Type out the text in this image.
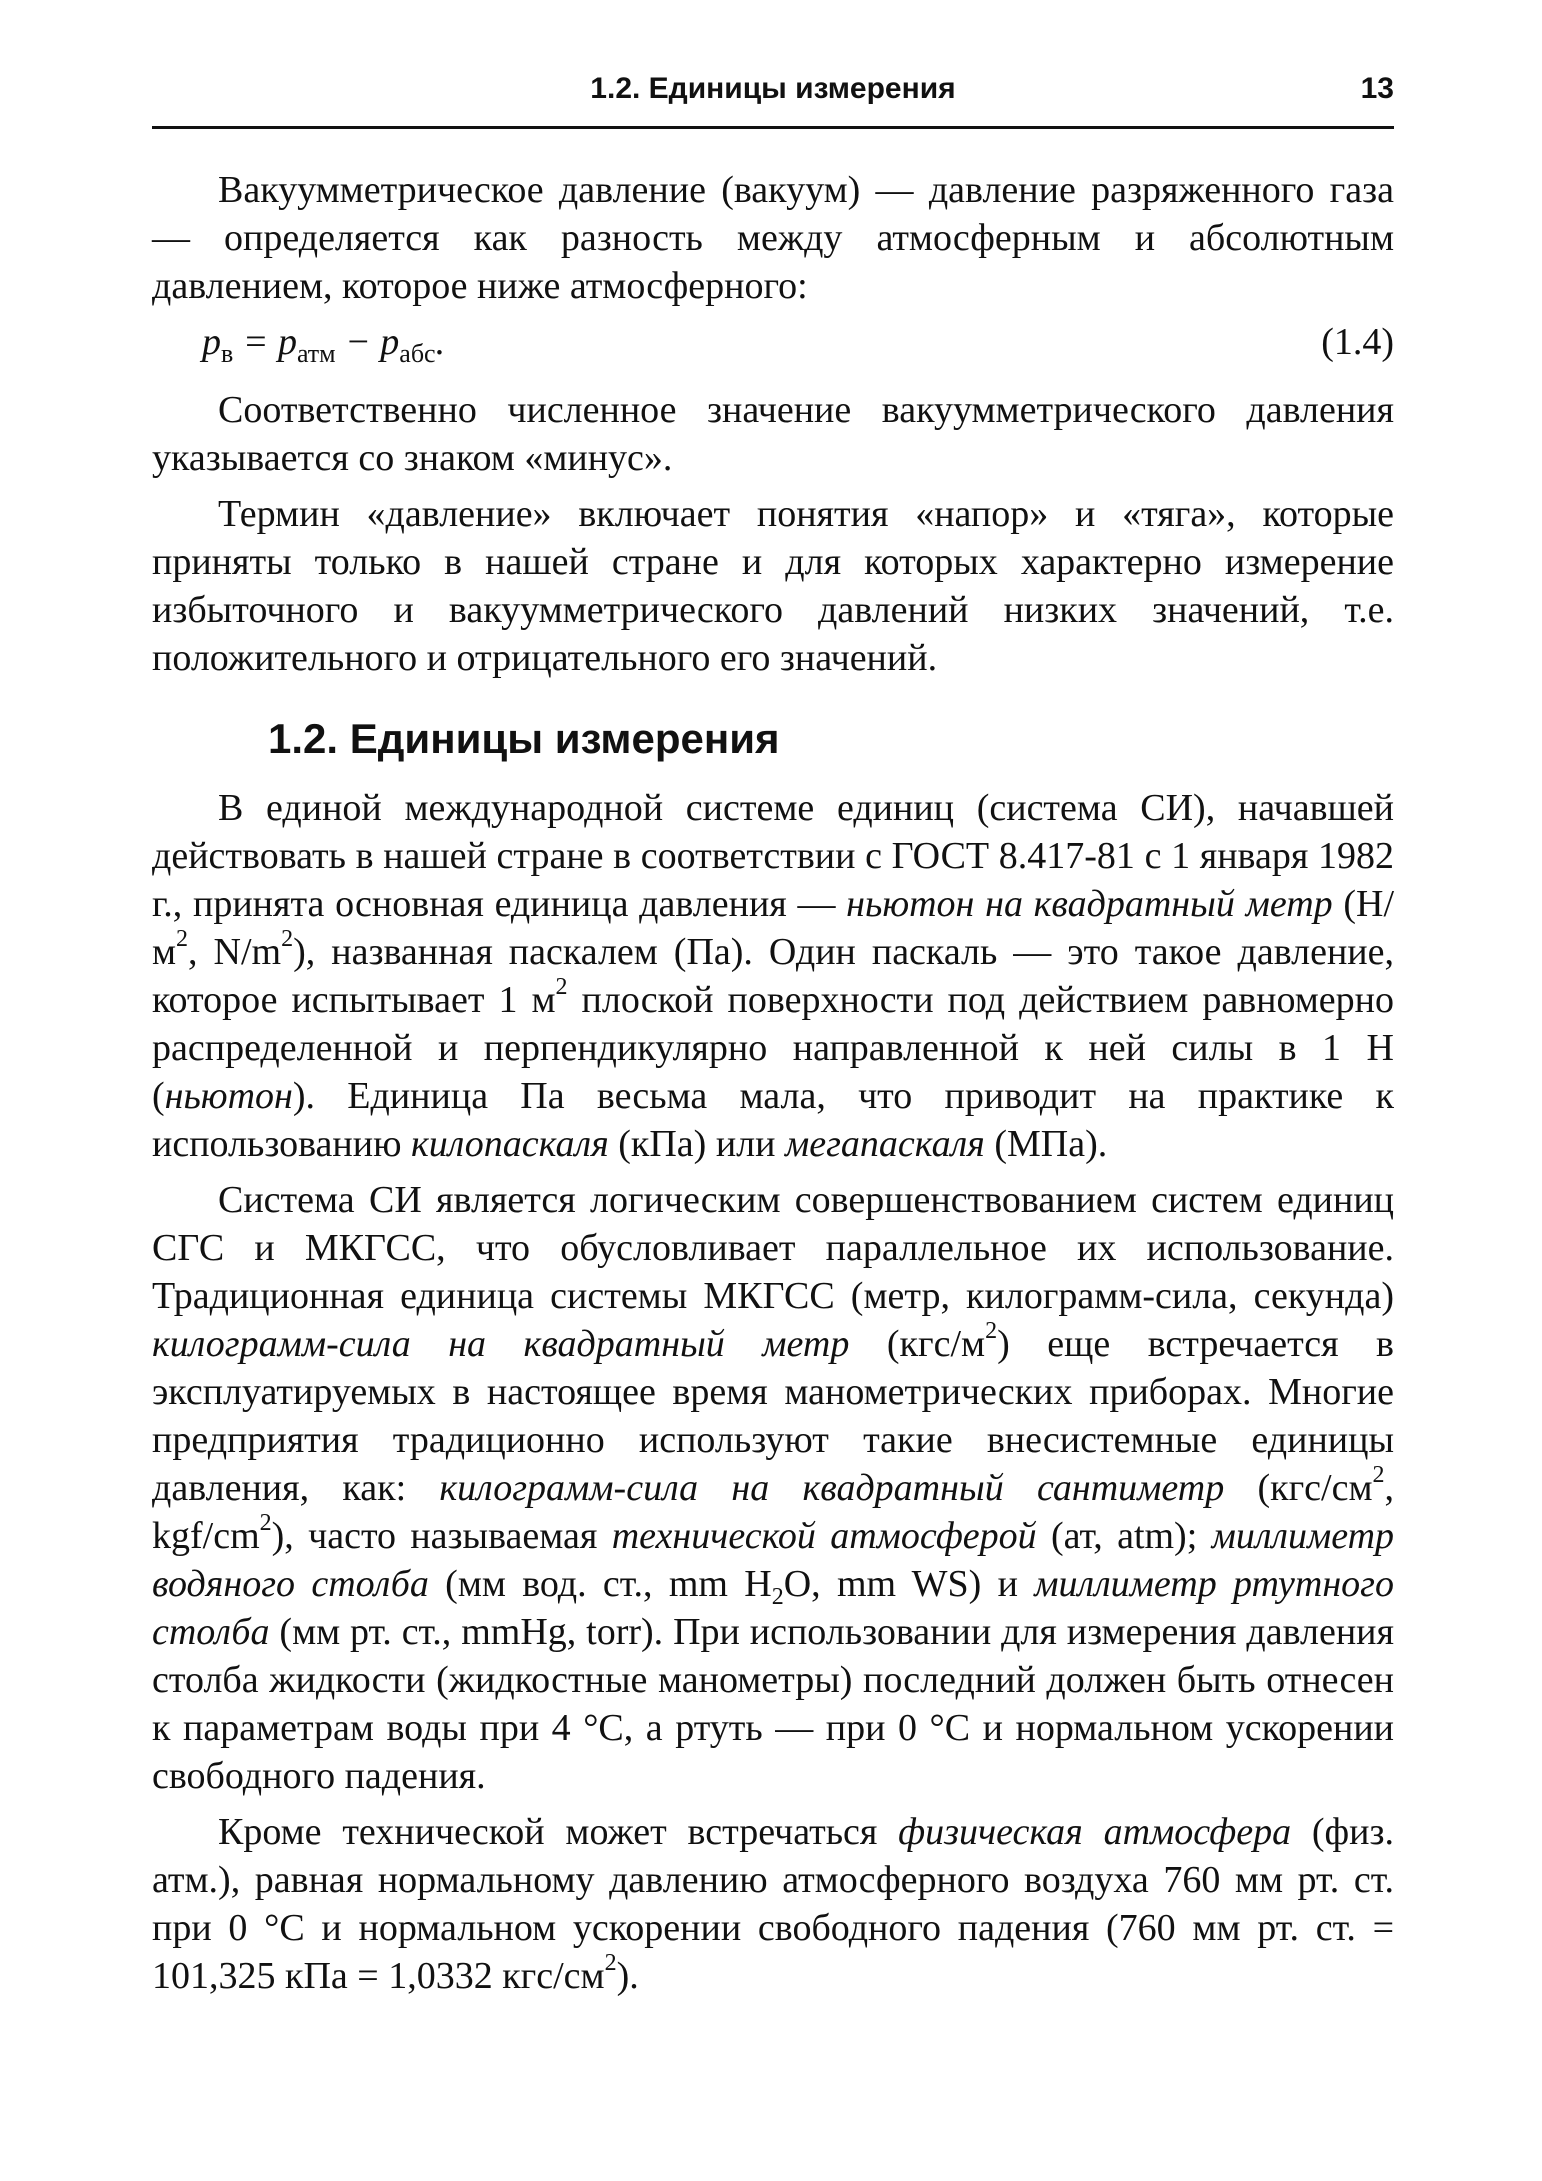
1.2. Единицы измерения	13

Вакуумметрическое давление (вакуум) — давление разряженного газа — определяется как разность между атмосферным и абсолютным давлением, которое ниже атмосферного:

$p_в = p_{атм} - p_{абс}$.	(1.4)

Соответственно численное значение вакуумметрического давления указывается со знаком «минус».

Термин «давление» включает понятия «напор» и «тяга», которые приняты только в нашей стране и для которых характерно измерение избыточного и вакуумметрического давлений низких значений, т.е. положительного и отрицательного его значений.

1.2. Единицы измерения

В единой международной системе единиц (система СИ), начавшей действовать в нашей стране в соответствии с ГОСТ 8.417-81 с 1 января 1982 г., принята основная единица давления — ньютон на квадратный метр ($Н/м^2$, $N/m^2$), названная паскалем (Па). Один паскаль — это такое давление, которое испытывает 1 $м^2$ плоской поверхности под действием равномерно распределенной и перпендикулярно направленной к ней силы в 1 Н (ньютон). Единица Па весьма мала, что приводит на практике к использованию килопаскаля (кПа) или мегапаскаля (МПа).

Система СИ является логическим совершенствованием систем единиц СГС и МКГСС, что обусловливает параллельное их использование. Традиционная единица системы МКГСС (метр, килограмм-сила, секунда) килограмм-сила на квадратный метр $(кгс/м^2)$ еще встречается в эксплуатируемых в настоящее время манометрических приборах. Многие предприятия традиционно используют такие внесистемные единицы давления, как: килограмм-сила на квадратный сантиметр ($кгс/см^2$, kgf/$cm^2$), часто называемая технической атмосферой (ат, atm); миллиметр водяного столба (мм вод. ст., mm $H_2O$, mm WS) и миллиметр ртутного столба (мм рт. ст., mmHg, torr). При использовании для измерения давления столба жидкости (жидкостные манометры) последний должен быть отнесен к параметрам воды при 4 °С, а ртуть — при 0 °С и нормальном ускорении свободного падения.

Кроме технической может встречаться физическая атмосфера (физ. атм.), равная нормальному давлению атмосферного воздуха 760 мм рт. ст. при 0 °С и нормальном ускорении свободного падения (760 мм рт. ст. = 101,325 кПа = 1,0332 кгс/$см^2$).
